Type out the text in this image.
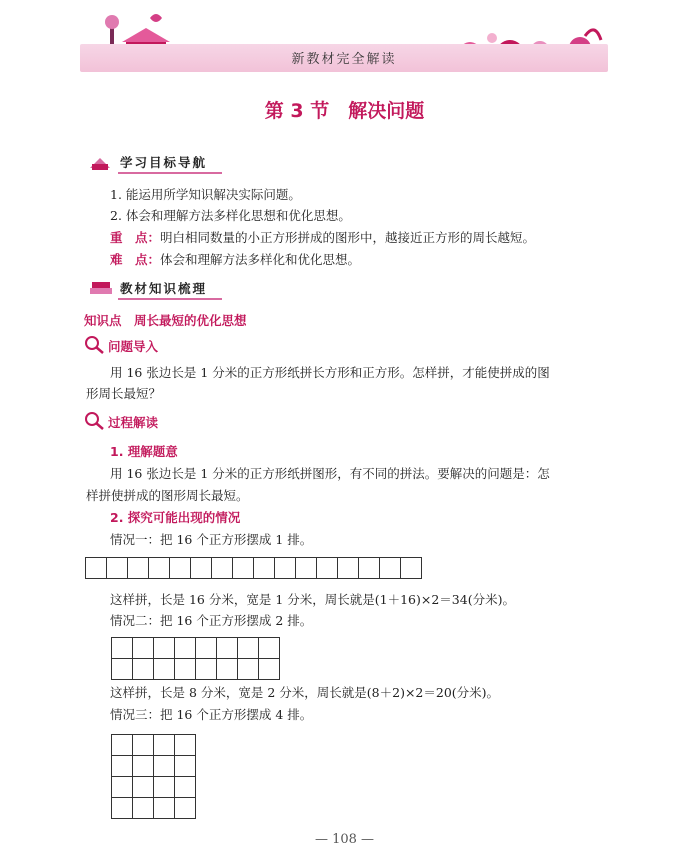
新教材完全解读
第 3 节　解决问题
学习目标导航
1. 能运用所学知识解决实际问题。
2. 体会和理解方法多样化思想和优化思想。
重　点：明白相同数量的小正方形拼成的图形中，越接近正方形的周长越短。
难　点：体会和理解方法多样化和优化思想。
教材知识梳理
知识点　周长最短的优化思想
问题导入
用 16 张边长是 1 分米的正方形纸拼长方形和正方形。怎样拼，才能使拼成的图
形周长最短？
过程解读
1. 理解题意
用 16 张边长是 1 分米的正方形纸拼图形，有不同的拼法。要解决的问题是：怎
样拼使拼成的图形周长最短。
2. 探究可能出现的情况
情况一：把 16 个正方形摆成 1 排。
这样拼，长是 16 分米，宽是 1 分米，周长就是(1＋16)×2＝34(分米)。
情况二：把 16 个正方形摆成 2 排。
这样拼，长是 8 分米，宽是 2 分米，周长就是(8＋2)×2＝20(分米)。
情况三：把 16 个正方形摆成 4 排。
— 108 —
